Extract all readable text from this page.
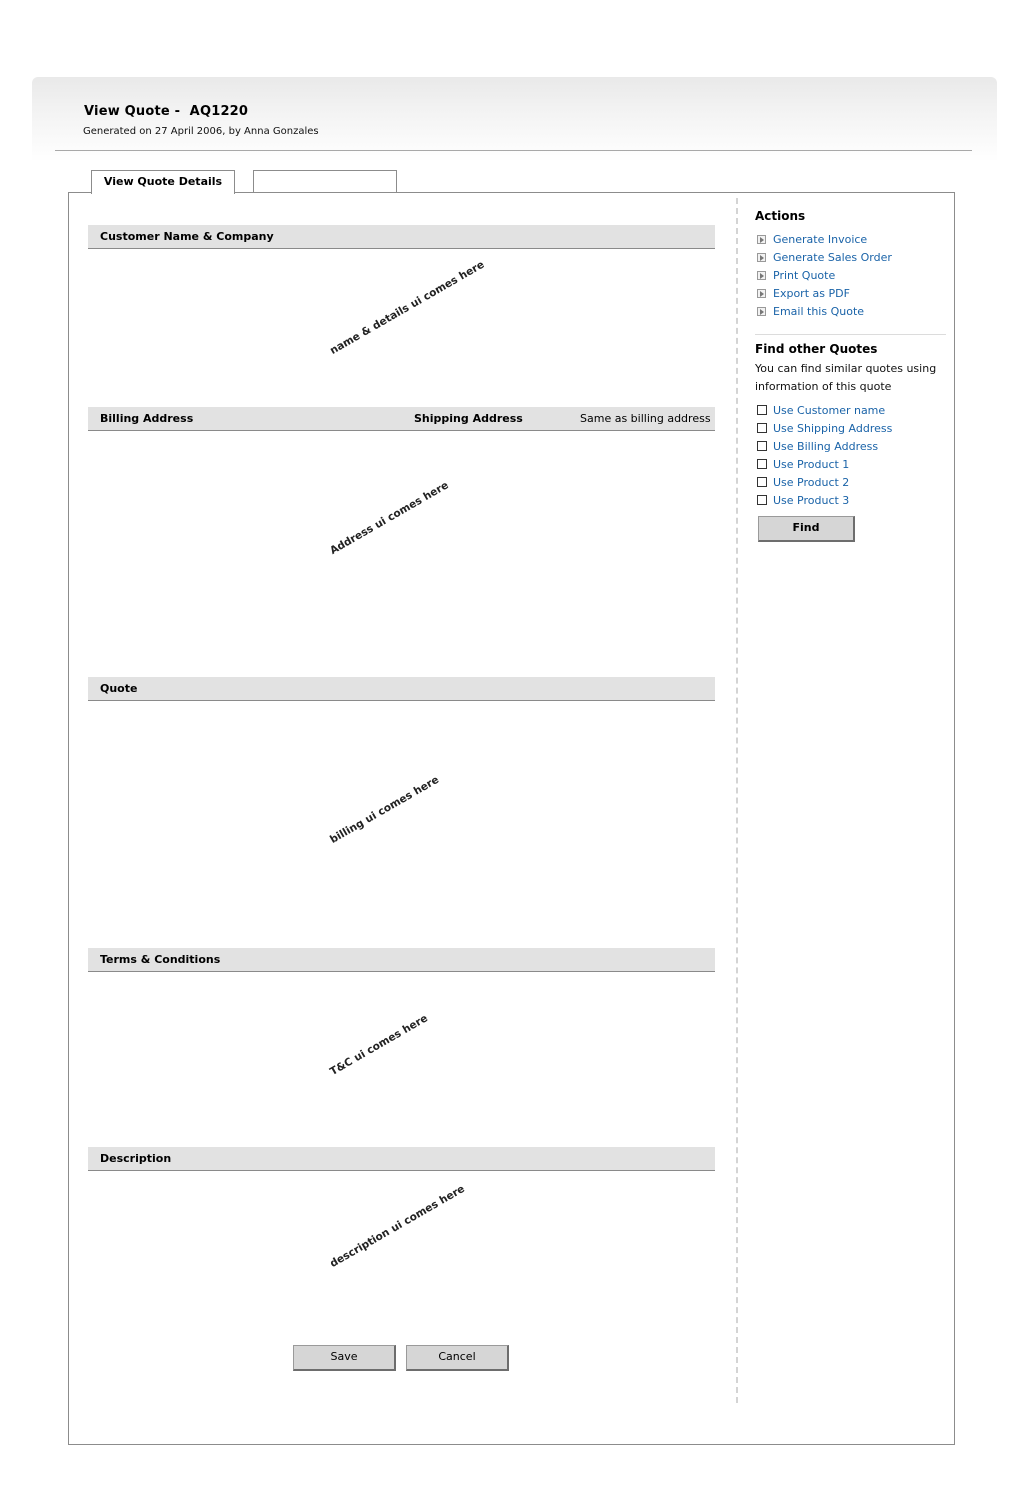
View Quote -  AQ1220
Generated on 27 April 2006, by Anna Gonzales
View Quote Details
Customer Name & Company
name & details ui comes here
Billing Address	Shipping Address	Same as billing address
Address ui comes here
Quote
billing ui comes here
Terms & Conditions
T&C ui comes here
Description
description ui comes here
Save	Cancel
Actions
Generate Invoice
Generate Sales Order
Print Quote
Export as PDF
Email this Quote
Find other Quotes
You can find similar quotes using information of this quote
Use Customer name
Use Shipping Address
Use Billing Address
Use Product 1
Use Product 2
Use Product 3
Find
